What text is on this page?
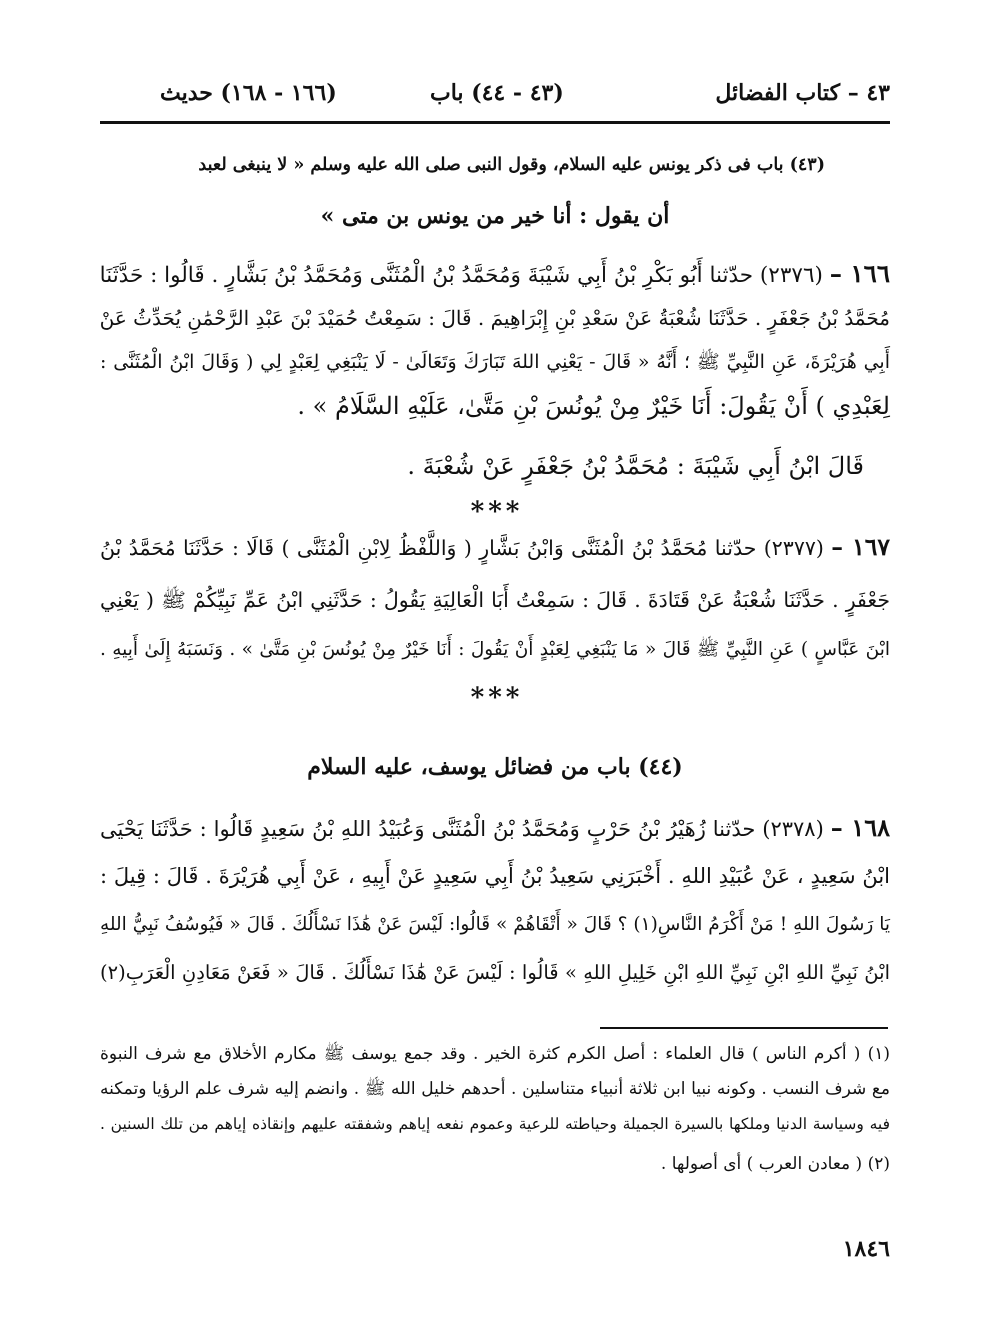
٤٣ – كتاب الفضائل
(٤٣ - ٤٤) باب
(١٦٦ - ١٦٨) حديث
(٤٣) باب فى ذكر يونس عليه السلام، وقول النبى صلى الله عليه وسلم « لا ينبغى لعبد
أن يقول : أنا خير من يونس بن متى »
١٦٦ – (٢٣٧٦) حدّثنا أَبُو بَكْرِ بْنُ أَبِي شَيْبَةَ وَمُحَمَّدُ بْنُ الْمُثَنَّى وَمُحَمَّدُ بْنُ بَشَّارٍ . قَالُوا : حَدَّثَنَا
مُحَمَّدُ بْنُ جَعْفَرٍ . حَدَّثَنَا شُعْبَةُ عَنْ سَعْدِ بْنِ إِبْرَاهِيمَ . قَالَ : سَمِعْتُ حُمَيْدَ بْنَ عَبْدِ الرَّحْمَٰنِ يُحَدِّثُ عَنْ
أَبِي هُرَيْرَةَ، عَنِ النَّبِيِّ ﷺ ؛ أَنَّهُ « قَالَ - يَعْنِي اللهَ تَبَارَكَ وَتَعَالَىٰ - لَا يَنْبَغِي لِعَبْدٍ لِي ( وَقَالَ ابْنُ الْمُثَنَّى :
لِعَبْدِي ) أَنْ يَقُولَ: أَنَا خَيْرٌ مِنْ يُونُسَ بْنِ مَتَّىٰ، عَلَيْهِ السَّلَامُ » .
قَالَ ابْنُ أَبِي شَيْبَةَ : مُحَمَّدُ بْنُ جَعْفَرٍ عَنْ شُعْبَةَ .
***
١٦٧ – (٢٣٧٧) حدّثنا مُحَمَّدُ بْنُ الْمُثَنَّى وَابْنُ بَشَّارٍ ( وَاللَّفْظُ لِابْنِ الْمُثَنَّى ) قَالَا : حَدَّثَنَا مُحَمَّدُ بْنُ
جَعْفَرٍ . حَدَّثَنَا شُعْبَةُ عَنْ قَتَادَةَ . قَالَ : سَمِعْتُ أَبَا الْعَالِيَةِ يَقُولُ : حَدَّثَنِي ابْنُ عَمِّ نَبِيِّكُمْ ﷺ ( يَعْنِي
ابْنَ عَبَّاسٍ ) عَنِ النَّبِيِّ ﷺ قَالَ « مَا يَنْبَغِي لِعَبْدٍ أَنْ يَقُولَ : أَنَا خَيْرٌ مِنْ يُونُسَ بْنِ مَتَّىٰ » . وَنَسَبَهُ إِلَىٰ أَبِيهِ .
***
(٤٤) باب من فضائل يوسف، عليه السلام
١٦٨ – (٢٣٧٨) حدّثنا زُهَيْرُ بْنُ حَرْبٍ وَمُحَمَّدُ بْنُ الْمُثَنَّى وَعُبَيْدُ اللهِ بْنُ سَعِيدٍ قَالُوا : حَدَّثَنَا يَحْيَى
ابْنُ سَعِيدٍ ، عَنْ عُبَيْدِ اللهِ . أَخْبَرَنِي سَعِيدُ بْنُ أَبِي سَعِيدٍ عَنْ أَبِيهِ ، عَنْ أَبِي هُرَيْرَةَ . قَالَ : قِيلَ :
يَا رَسُولَ اللهِ ! مَنْ أَكْرَمُ النَّاسِ(١) ؟ قَالَ « أَتْقَاهُمْ » قَالُوا: لَيْسَ عَنْ هَٰذَا نَسْأَلُكَ . قَالَ « فَيُوسُفُ نَبِيُّ اللهِ
ابْنُ نَبِيِّ اللهِ ابْنِ نَبِيِّ اللهِ ابْنِ خَلِيلِ اللهِ » قَالُوا : لَيْسَ عَنْ هَٰذَا نَسْأَلُكَ . قَالَ « فَعَنْ مَعَادِنِ الْعَرَبِ(٢)
(١) ( أكرم الناس ) قال العلماء : أصل الكرم كثرة الخير . وقد جمع يوسف ﷺ مكارم الأخلاق مع شرف النبوة
مع شرف النسب . وكونه نبيا ابن ثلاثة أنبياء متناسلين . أحدهم خليل الله ﷺ . وانضم إليه شرف علم الرؤيا وتمكنه
فيه وسياسة الدنيا وملكها بالسيرة الجميلة وحياطته للرعية وعموم نفعه إياهم وشفقته عليهم وإنقاذه إياهم من تلك السنين .
(٢) ( معادن العرب ) أى أصولها .
١٨٤٦
